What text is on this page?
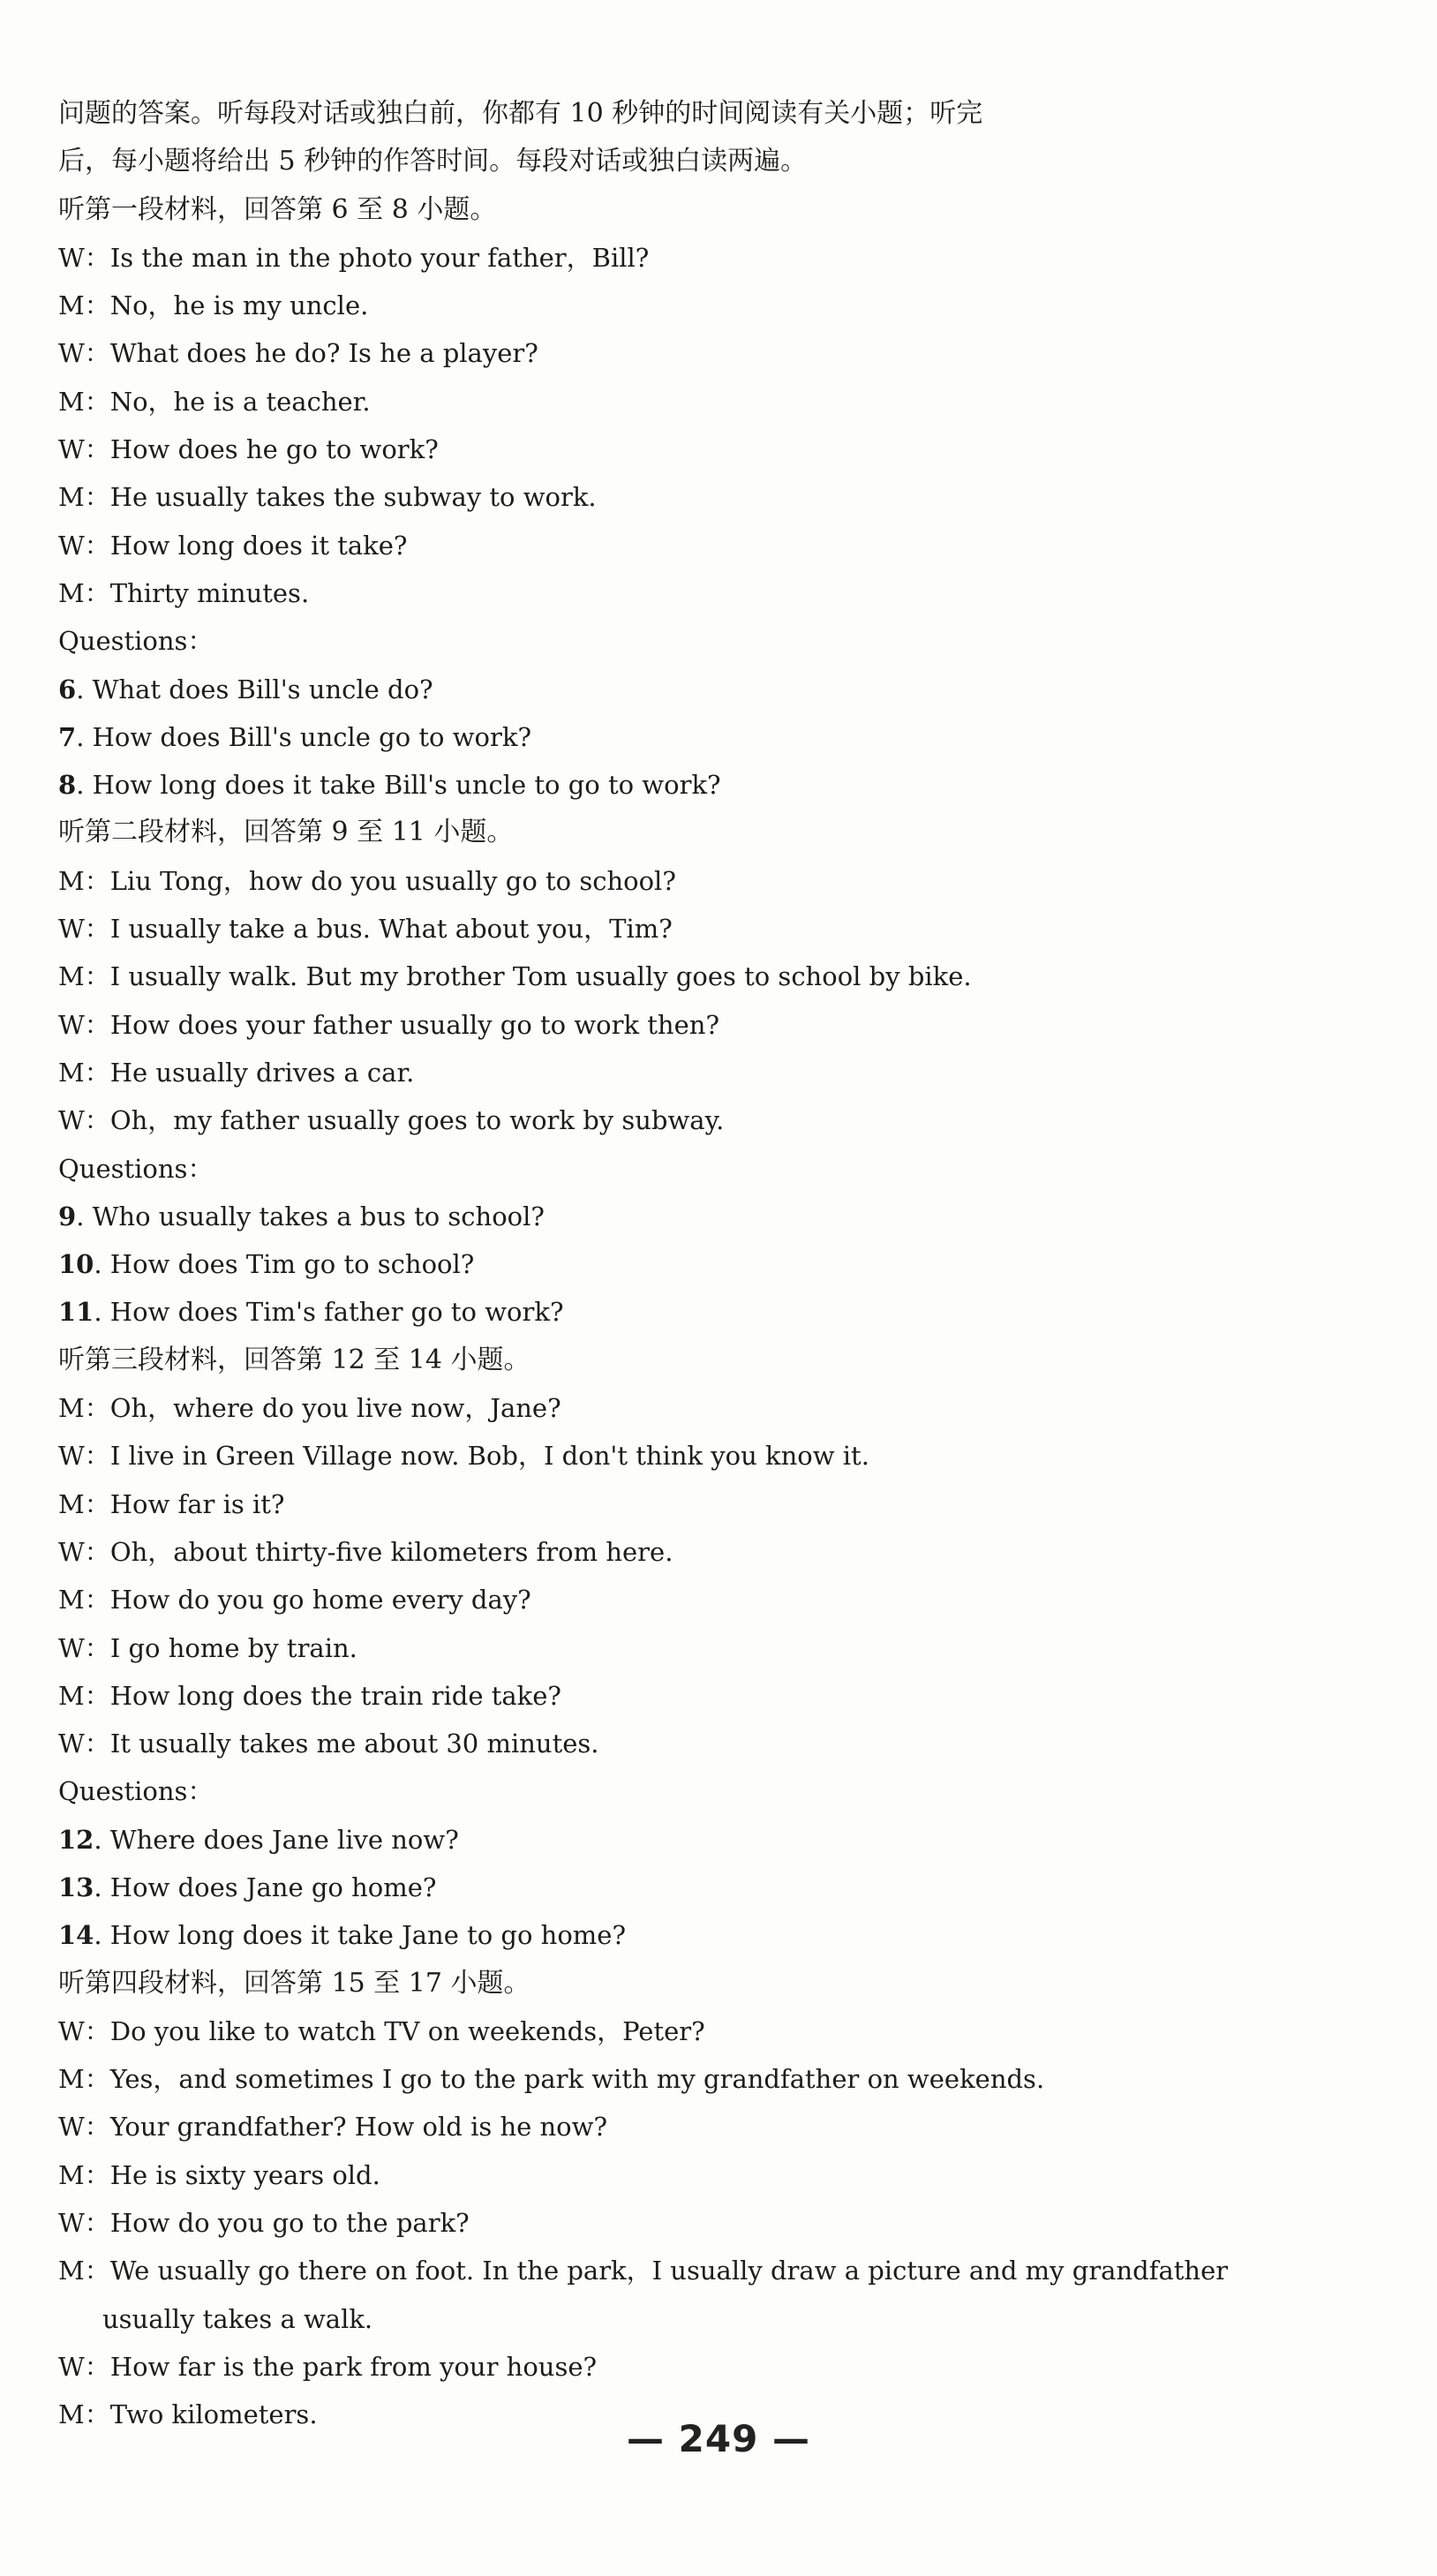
问题的答案。听每段对话或独白前，你都有 10 秒钟的时间阅读有关小题；听完
后，每小题将给出 5 秒钟的作答时间。每段对话或独白读两遍。
听第一段材料，回答第 6 至 8 小题。
W：Is the man in the photo your father，Bill?
M：No，he is my uncle.
W：What does he do? Is he a player?
M：No，he is a teacher.
W：How does he go to work?
M：He usually takes the subway to work.
W：How long does it take?
M：Thirty minutes.
Questions：
6. What does Bill's uncle do?
7. How does Bill's uncle go to work?
8. How long does it take Bill's uncle to go to work?
听第二段材料，回答第 9 至 11 小题。
M：Liu Tong，how do you usually go to school?
W：I usually take a bus. What about you，Tim?
M：I usually walk. But my brother Tom usually goes to school by bike.
W：How does your father usually go to work then?
M：He usually drives a car.
W：Oh，my father usually goes to work by subway.
Questions：
9. Who usually takes a bus to school?
10. How does Tim go to school?
11. How does Tim's father go to work?
听第三段材料，回答第 12 至 14 小题。
M：Oh，where do you live now，Jane?
W：I live in Green Village now. Bob，I don't think you know it.
M：How far is it?
W：Oh，about thirty-five kilometers from here.
M：How do you go home every day?
W：I go home by train.
M：How long does the train ride take?
W：It usually takes me about 30 minutes.
Questions：
12. Where does Jane live now?
13. How does Jane go home?
14. How long does it take Jane to go home?
听第四段材料，回答第 15 至 17 小题。
W：Do you like to watch TV on weekends，Peter?
M：Yes，and sometimes I go to the park with my grandfather on weekends.
W：Your grandfather? How old is he now?
M：He is sixty years old.
W：How do you go to the park?
M：We usually go there on foot. In the park，I usually draw a picture and my grandfather
usually takes a walk.
W：How far is the park from your house?
M：Two kilometers.
— 249 —
